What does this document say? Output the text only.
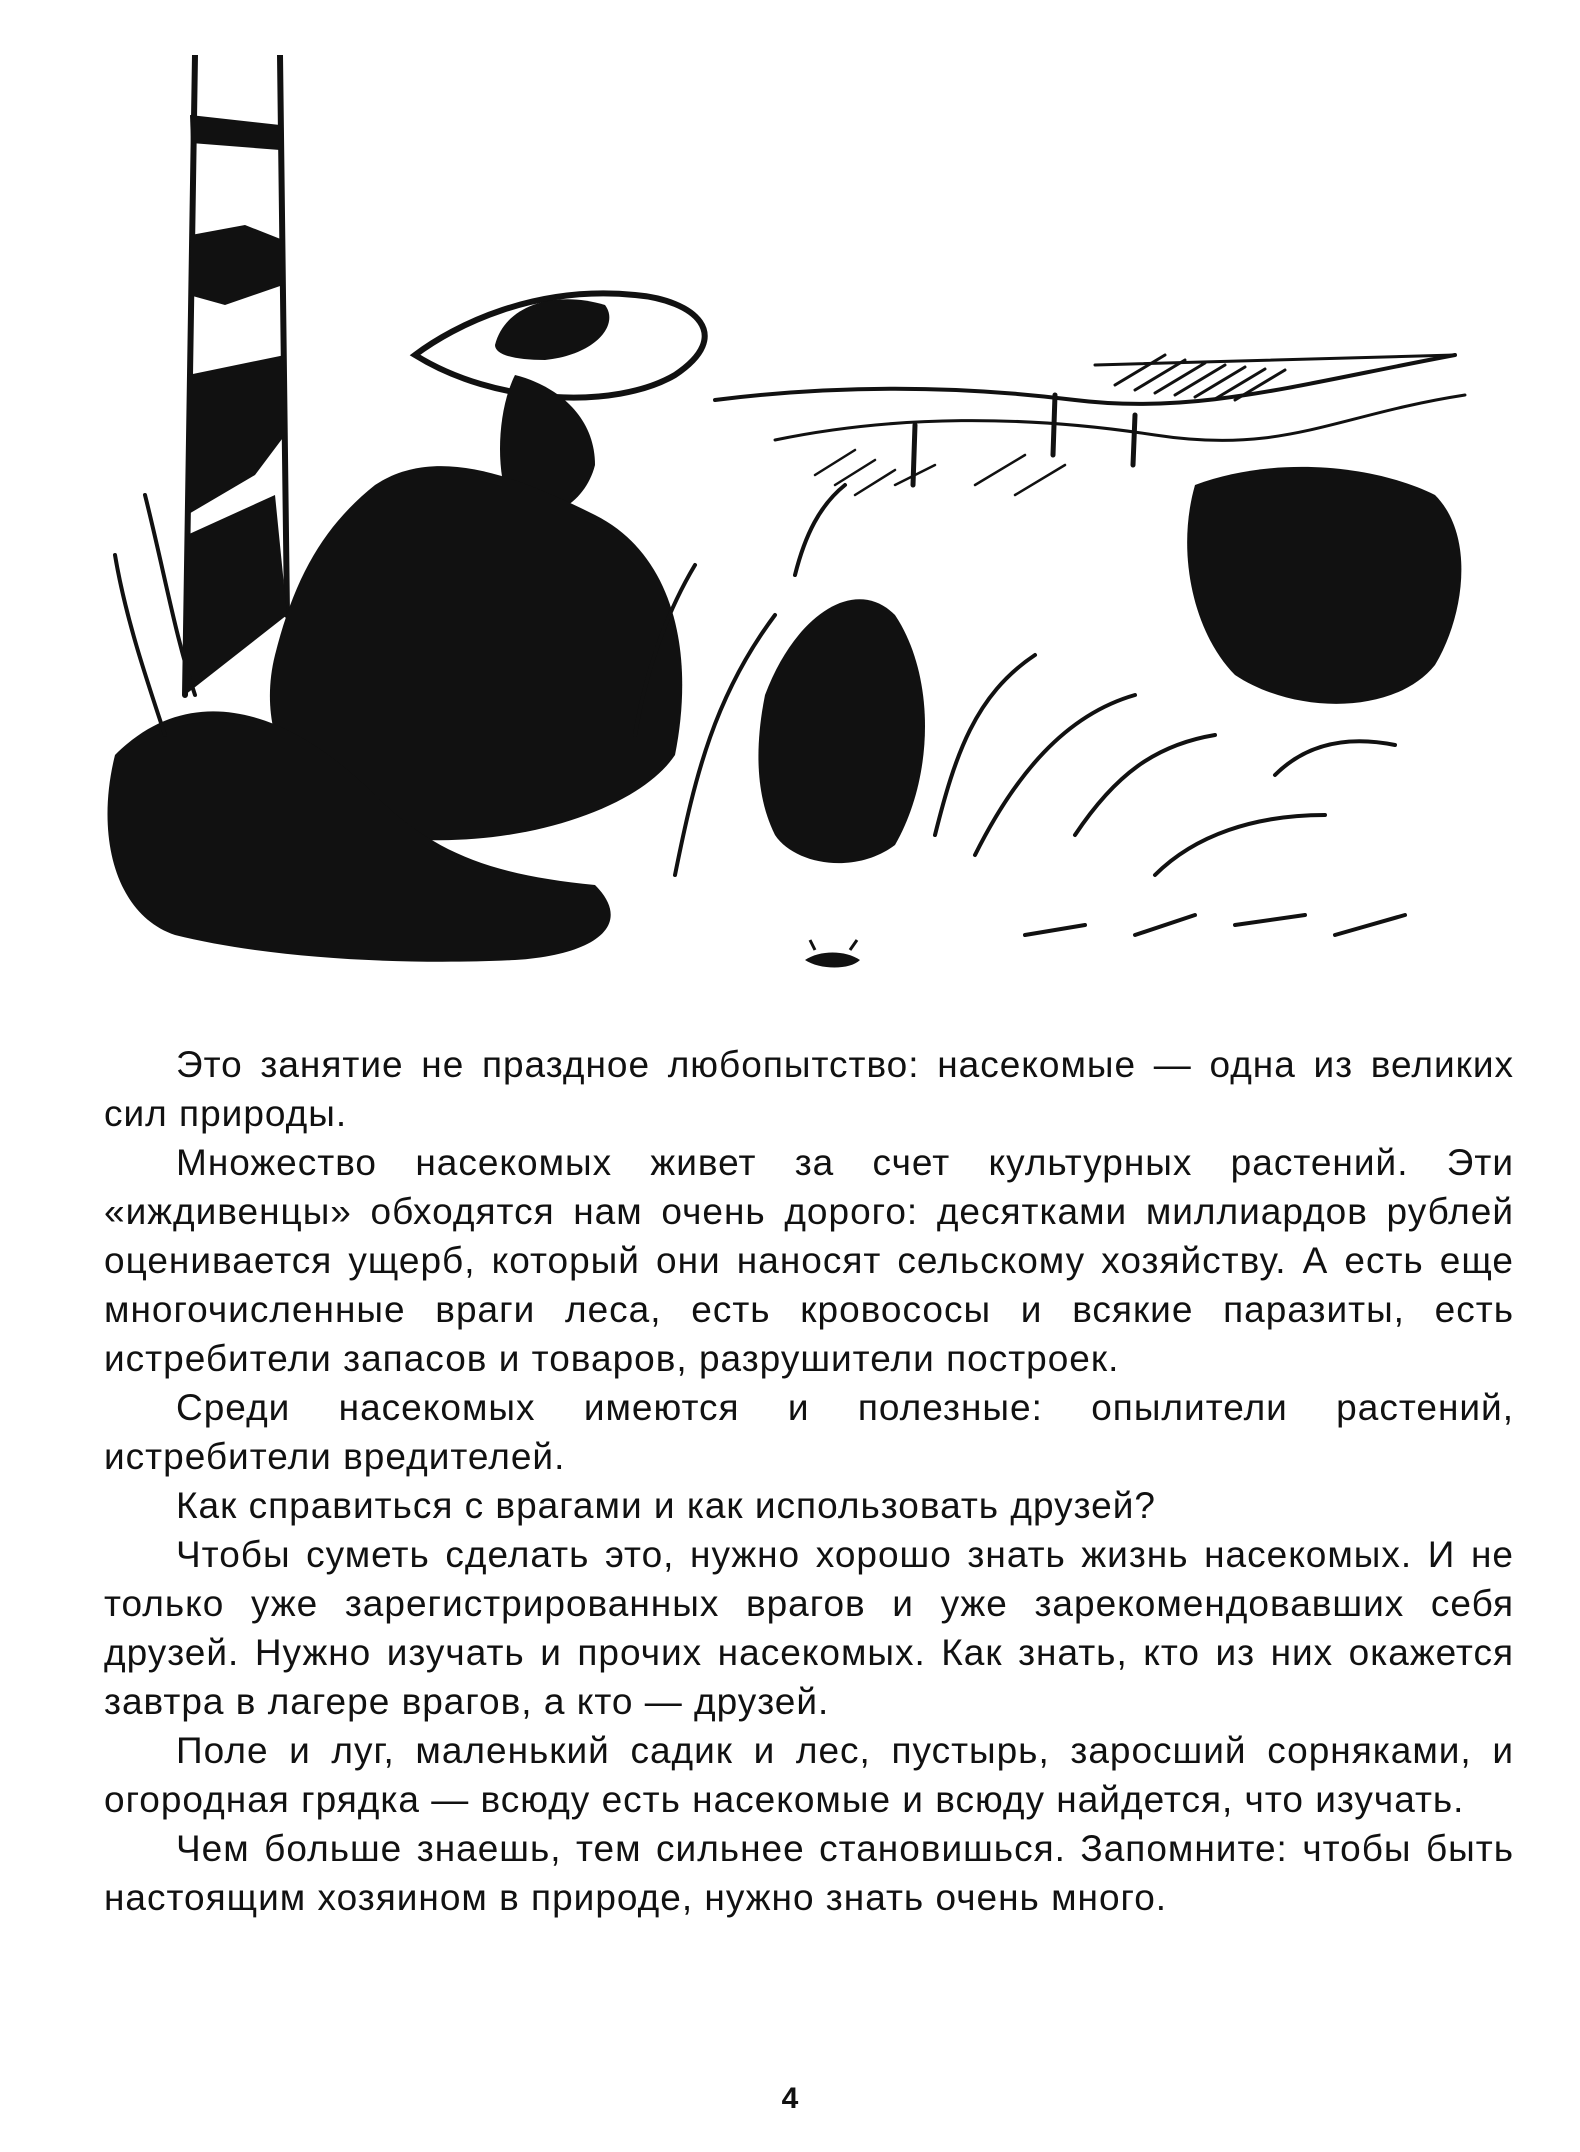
Это занятие не праздное любопытство: насекомые — одна из великих сил природы.

Множество насекомых живет за счет культурных растений. Эти «иждивенцы» обходятся нам очень дорого: десятками миллиардов рублей оценивается ущерб, который они наносят сельскому хозяйству. А есть еще многочисленные враги леса, есть кровососы и всякие паразиты, есть истребители запасов и товаров, разрушители построек.

Среди насекомых имеются и полезные: опылители растений, истребители вредителей.

Как справиться с врагами и как использовать друзей?

Чтобы суметь сделать это, нужно хорошо знать жизнь насекомых. И не только уже зарегистрированных врагов и уже зарекомендовавших себя друзей. Нужно изучать и прочих насекомых. Как знать, кто из них окажется завтра в лагере врагов, а кто — друзей.

Поле и луг, маленький садик и лес, пустырь, заросший сорняками, и огородная грядка — всюду есть насекомые и всюду найдется, что изучать.

Чем больше знаешь, тем сильнее становишься. Запомните: чтобы быть настоящим хозяином в природе, нужно знать очень много.

4
